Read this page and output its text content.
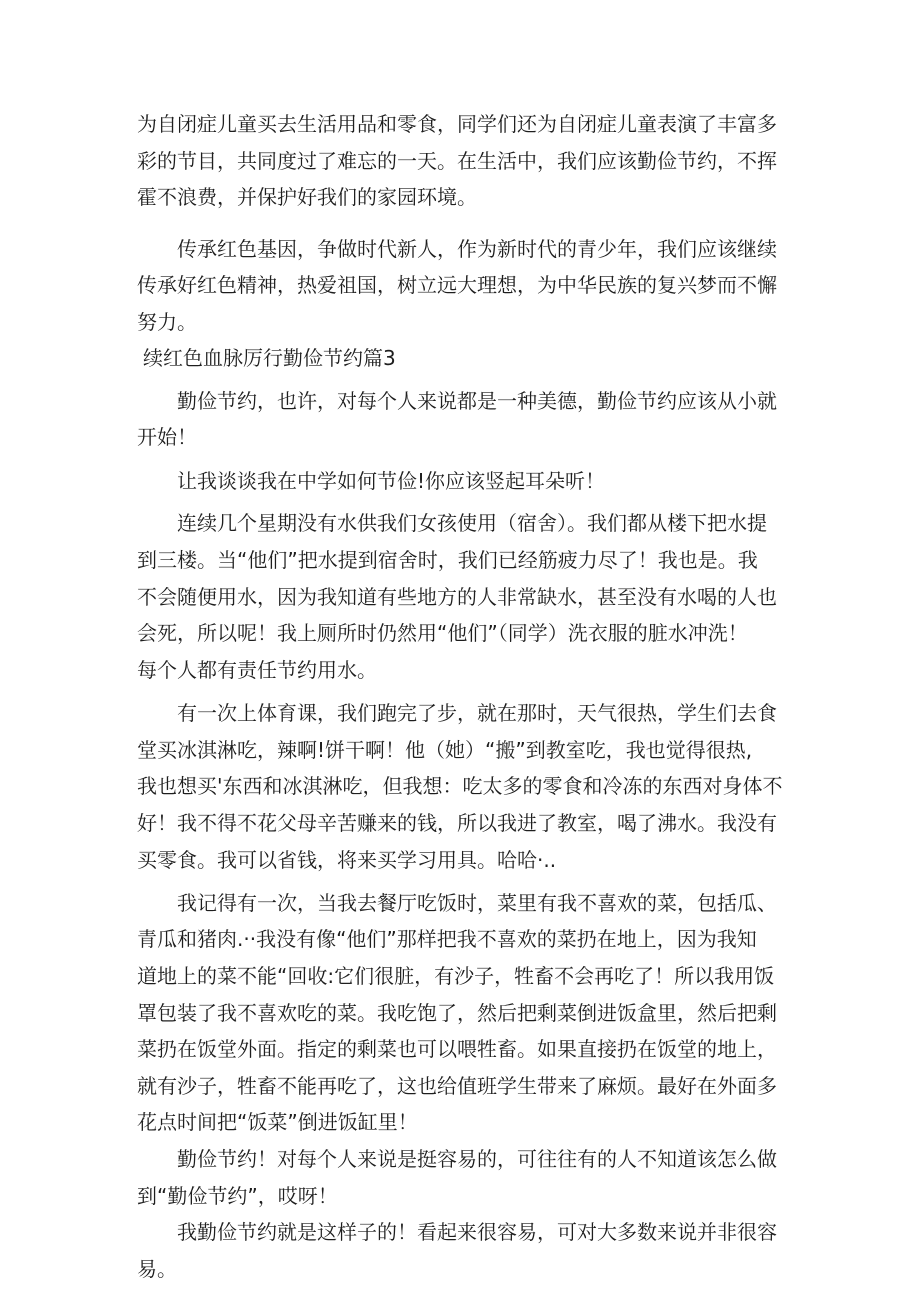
为自闭症儿童买去生活用品和零食，同学们还为自闭症儿童表演了丰富多
彩的节目，共同度过了难忘的一天。在生活中，我们应该勤俭节约，不挥
霍不浪费，并保护好我们的家园环境。
传承红色基因，争做时代新人，作为新时代的青少年，我们应该继续
传承好红色精神，热爱祖国，树立远大理想，为中华民族的复兴梦而不懈
努力。
续红色血脉厉行勤俭节约篇3
勤俭节约，也许，对每个人来说都是一种美德，勤俭节约应该从小就
开始！
让我谈谈我在中学如何节俭!你应该竖起耳朵听！
连续几个星期没有水供我们女孩使用（宿舍）。我们都从楼下把水提
到三楼。当“他们”把水提到宿舍时，我们已经筋疲力尽了！我也是。我
不会随便用水，因为我知道有些地方的人非常缺水，甚至没有水喝的人也
会死，所以呢！我上厕所时仍然用“他们”（同学）洗衣服的脏水冲洗！
每个人都有责任节约用水。
有一次上体育课，我们跑完了步，就在那时，天气很热，学生们去食
堂买冰淇淋吃，辣啊!饼干啊！他（她）“搬”到教室吃，我也觉得很热,
我也想买'东西和冰淇淋吃，但我想：吃太多的零食和冷冻的东西对身体不
好！我不得不花父母辛苦赚来的钱，所以我进了教室，喝了沸水。我没有
买零食。我可以省钱，将来买学习用具。哈哈·..
我记得有一次，当我去餐厅吃饭时，菜里有我不喜欢的菜，包括瓜、
青瓜和猪肉.··我没有像“他们”那样把我不喜欢的菜扔在地上，因为我知
道地上的菜不能“回收:它们很脏，有沙子，牲畜不会再吃了！所以我用饭
罩包装了我不喜欢吃的菜。我吃饱了，然后把剩菜倒进饭盒里，然后把剩
菜扔在饭堂外面。指定的剩菜也可以喂牲畜。如果直接扔在饭堂的地上，
就有沙子，牲畜不能再吃了，这也给值班学生带来了麻烦。最好在外面多
花点时间把“饭菜”倒进饭缸里！
勤俭节约！对每个人来说是挺容易的，可往往有的人不知道该怎么做
到“勤俭节约”，哎呀！
我勤俭节约就是这样子的！看起来很容易，可对大多数来说并非很容
易。
